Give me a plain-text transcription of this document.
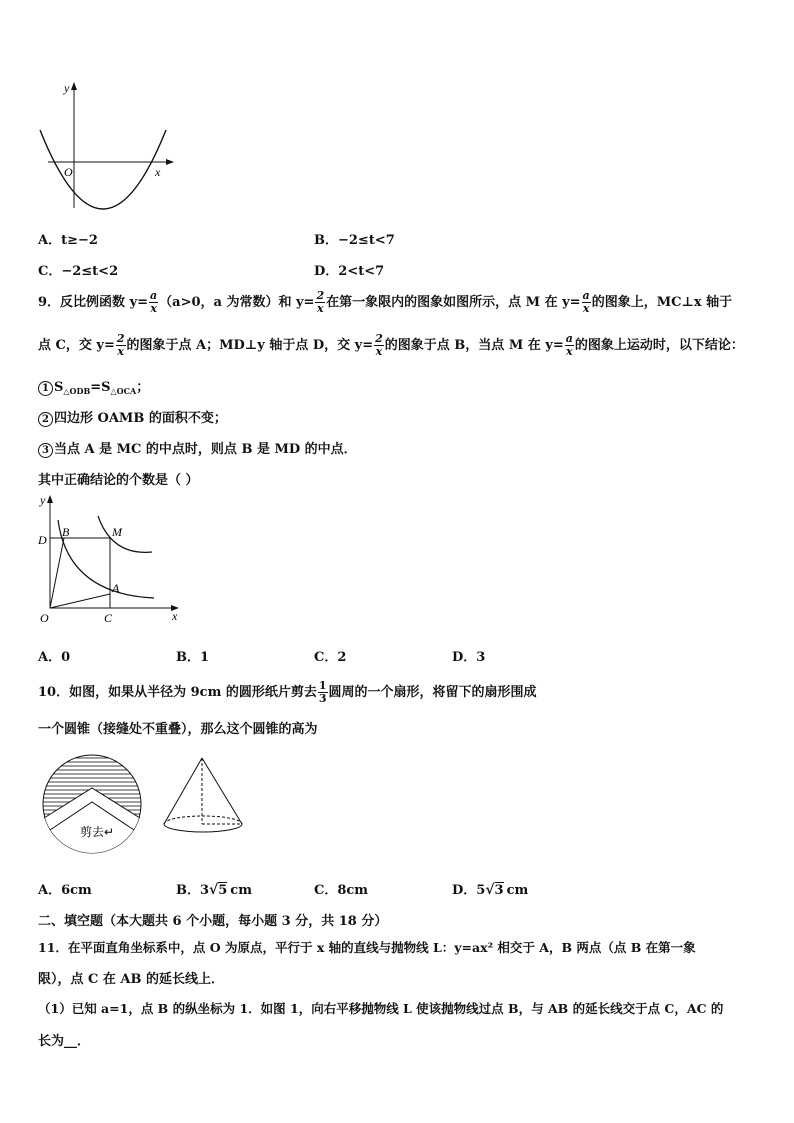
y
x
O
A．t≥−2	B．−2≤t<7
C．−2≤t<2	D．2<t<7
9．反比例函数 $y= \frac{a}{x} (a>0$，a 为常数）和 $y= \frac{2}{x}$ 在第一象限内的图象如图所示，点 M 在 $y= \frac{a}{x}$ 的图象上，MC⊥x 轴于
点 C，交 $y= \frac{2}{x}$ 的图象于点 A；MD⊥y 轴于点 D，交 $y= \frac{2}{x}$ 的图象于点 B，当点 M 在 $y= \frac{a}{x}$ 的图象上运动时，以下结论：
1 $S_{\triangle ODB}=S_{\triangle OCA}$；
2 四边形 OAMB 的面积不变；
3 当点 A 是 MC 的中点时，则点 B 是 MD 的中点．
其中正确结论的个数是（ ）
y
x
O
D
B	M
A
C
A．0	B．1	C．2	D．3
10．如图，如果从半径为 9cm 的圆形纸片剪去 $\frac{1}{3}$ 圆周的一个扇形，将留下的扇形围成
一个圆锥（接缝处不重叠），那么这个圆锥的高为
剪去↵
A．6cm	B．3√5 cm	C．8cm	D．5√3 cm
二、填空题（本大题共 6 个小题，每小题 3 分，共 18 分）
11．在平面直角坐标系中，点 O 为原点，平行于 x 轴的直线与抛物线 L：y=ax² 相交于 A，B 两点（点 B 在第一象
限），点 C 在 AB 的延长线上．
（1）已知 a=1，点 B 的纵坐标为 1．如图 1，向右平移抛物线 L 使该抛物线过点 B，与 AB 的延长线交于点 C，AC 的
长为__．
